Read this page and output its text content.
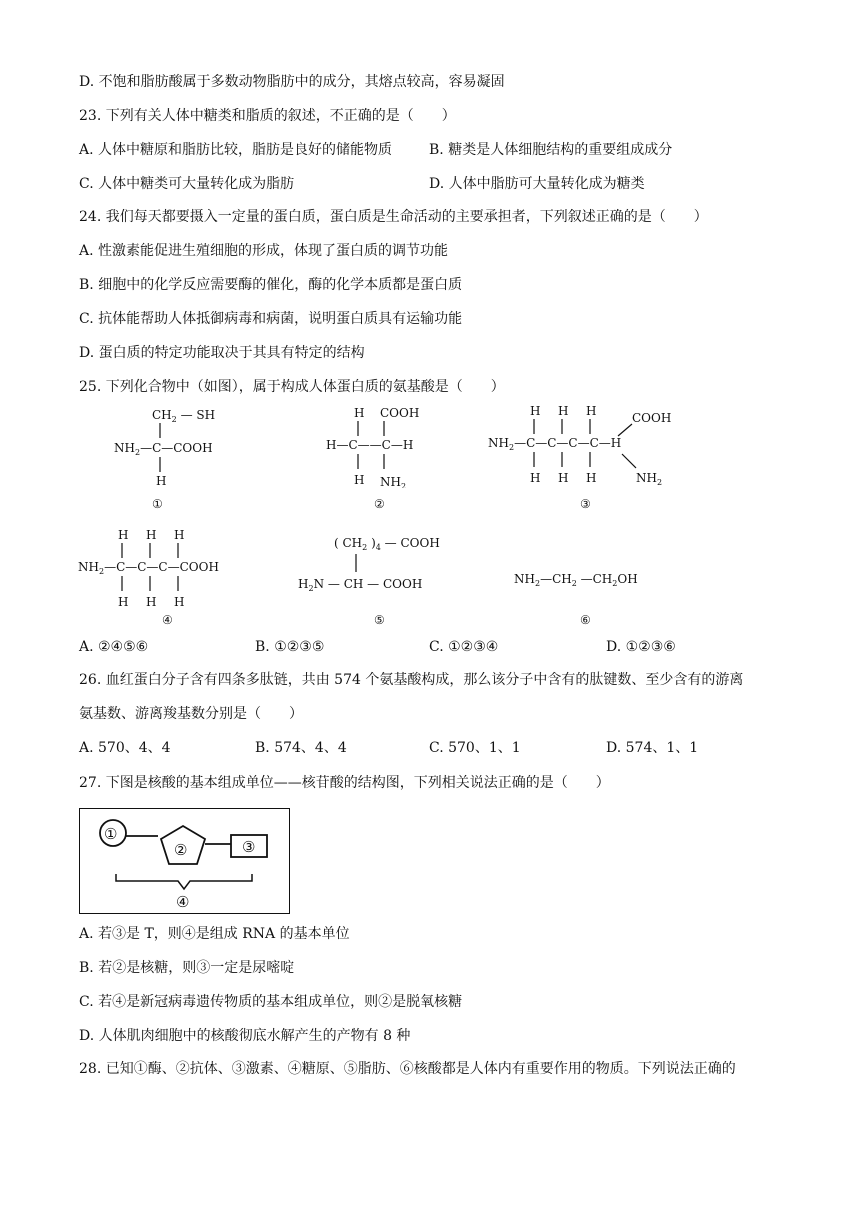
D. 不饱和脂肪酸属于多数动物脂肪中的成分，其熔点较高，容易凝固
23. 下列有关人体中糖类和脂质的叙述，不正确的是（　　）
A. 人体中糖原和脂肪比较，脂肪是良好的储能物质	B. 糖类是人体细胞结构的重要组成成分
C. 人体中糖类可大量转化成为脂肪	D. 人体中脂肪可大量转化成为糖类
24. 我们每天都要摄入一定量的蛋白质，蛋白质是生命活动的主要承担者，下列叙述正确的是（　　）
A. 性激素能促进生殖细胞的形成，体现了蛋白质的调节功能
B. 细胞中的化学反应需要酶的催化，酶的化学本质都是蛋白质
C. 抗体能帮助人体抵御病毒和病菌，说明蛋白质具有运输功能
D. 蛋白质的特定功能取决于其具有特定的结构
25. 下列化合物中（如图），属于构成人体蛋白质的氨基酸是（　　）
$CH_2$ — SH
$NH_2—C—COOH$
H
①
H COOH
H—C——C—H
H $NH_2$
②
H H H	COOH
$NH_2—C—C—C—C—H$
H H H	$NH_2$
③
H H H
$NH_2—C—C—C—COOH$
H H H
④
( $CH_2$ )$_4$ — COOH
$H_2N$ — CH — COOH
⑤
$NH_2—CH_2$ $—CH_2OH$
⑥
A. ②④⑤⑥	B. ①②③⑤	C. ①②③④	D. ①②③⑥
26. 血红蛋白分子含有四条多肽链，共由 574 个氨基酸构成，那么该分子中含有的肽键数、至少含有的游离
氨基数、游离羧基数分别是（　　）
A. 570、4、4	B. 574、4、4	C. 570、1、1	D. 574、1、1
27. 下图是核酸的基本组成单位——核苷酸的结构图，下列相关说法正确的是（　　）
①
②	③
④
A. 若③是 T，则④是组成 RNA 的基本单位
B. 若②是核糖，则③一定是尿嘧啶
C. 若④是新冠病毒遗传物质的基本组成单位，则②是脱氧核糖
D. 人体肌肉细胞中的核酸彻底水解产生的产物有 8 种
28. 已知①酶、②抗体、③激素、④糖原、⑤脂肪、⑥核酸都是人体内有重要作用的物质。下列说法正确的
